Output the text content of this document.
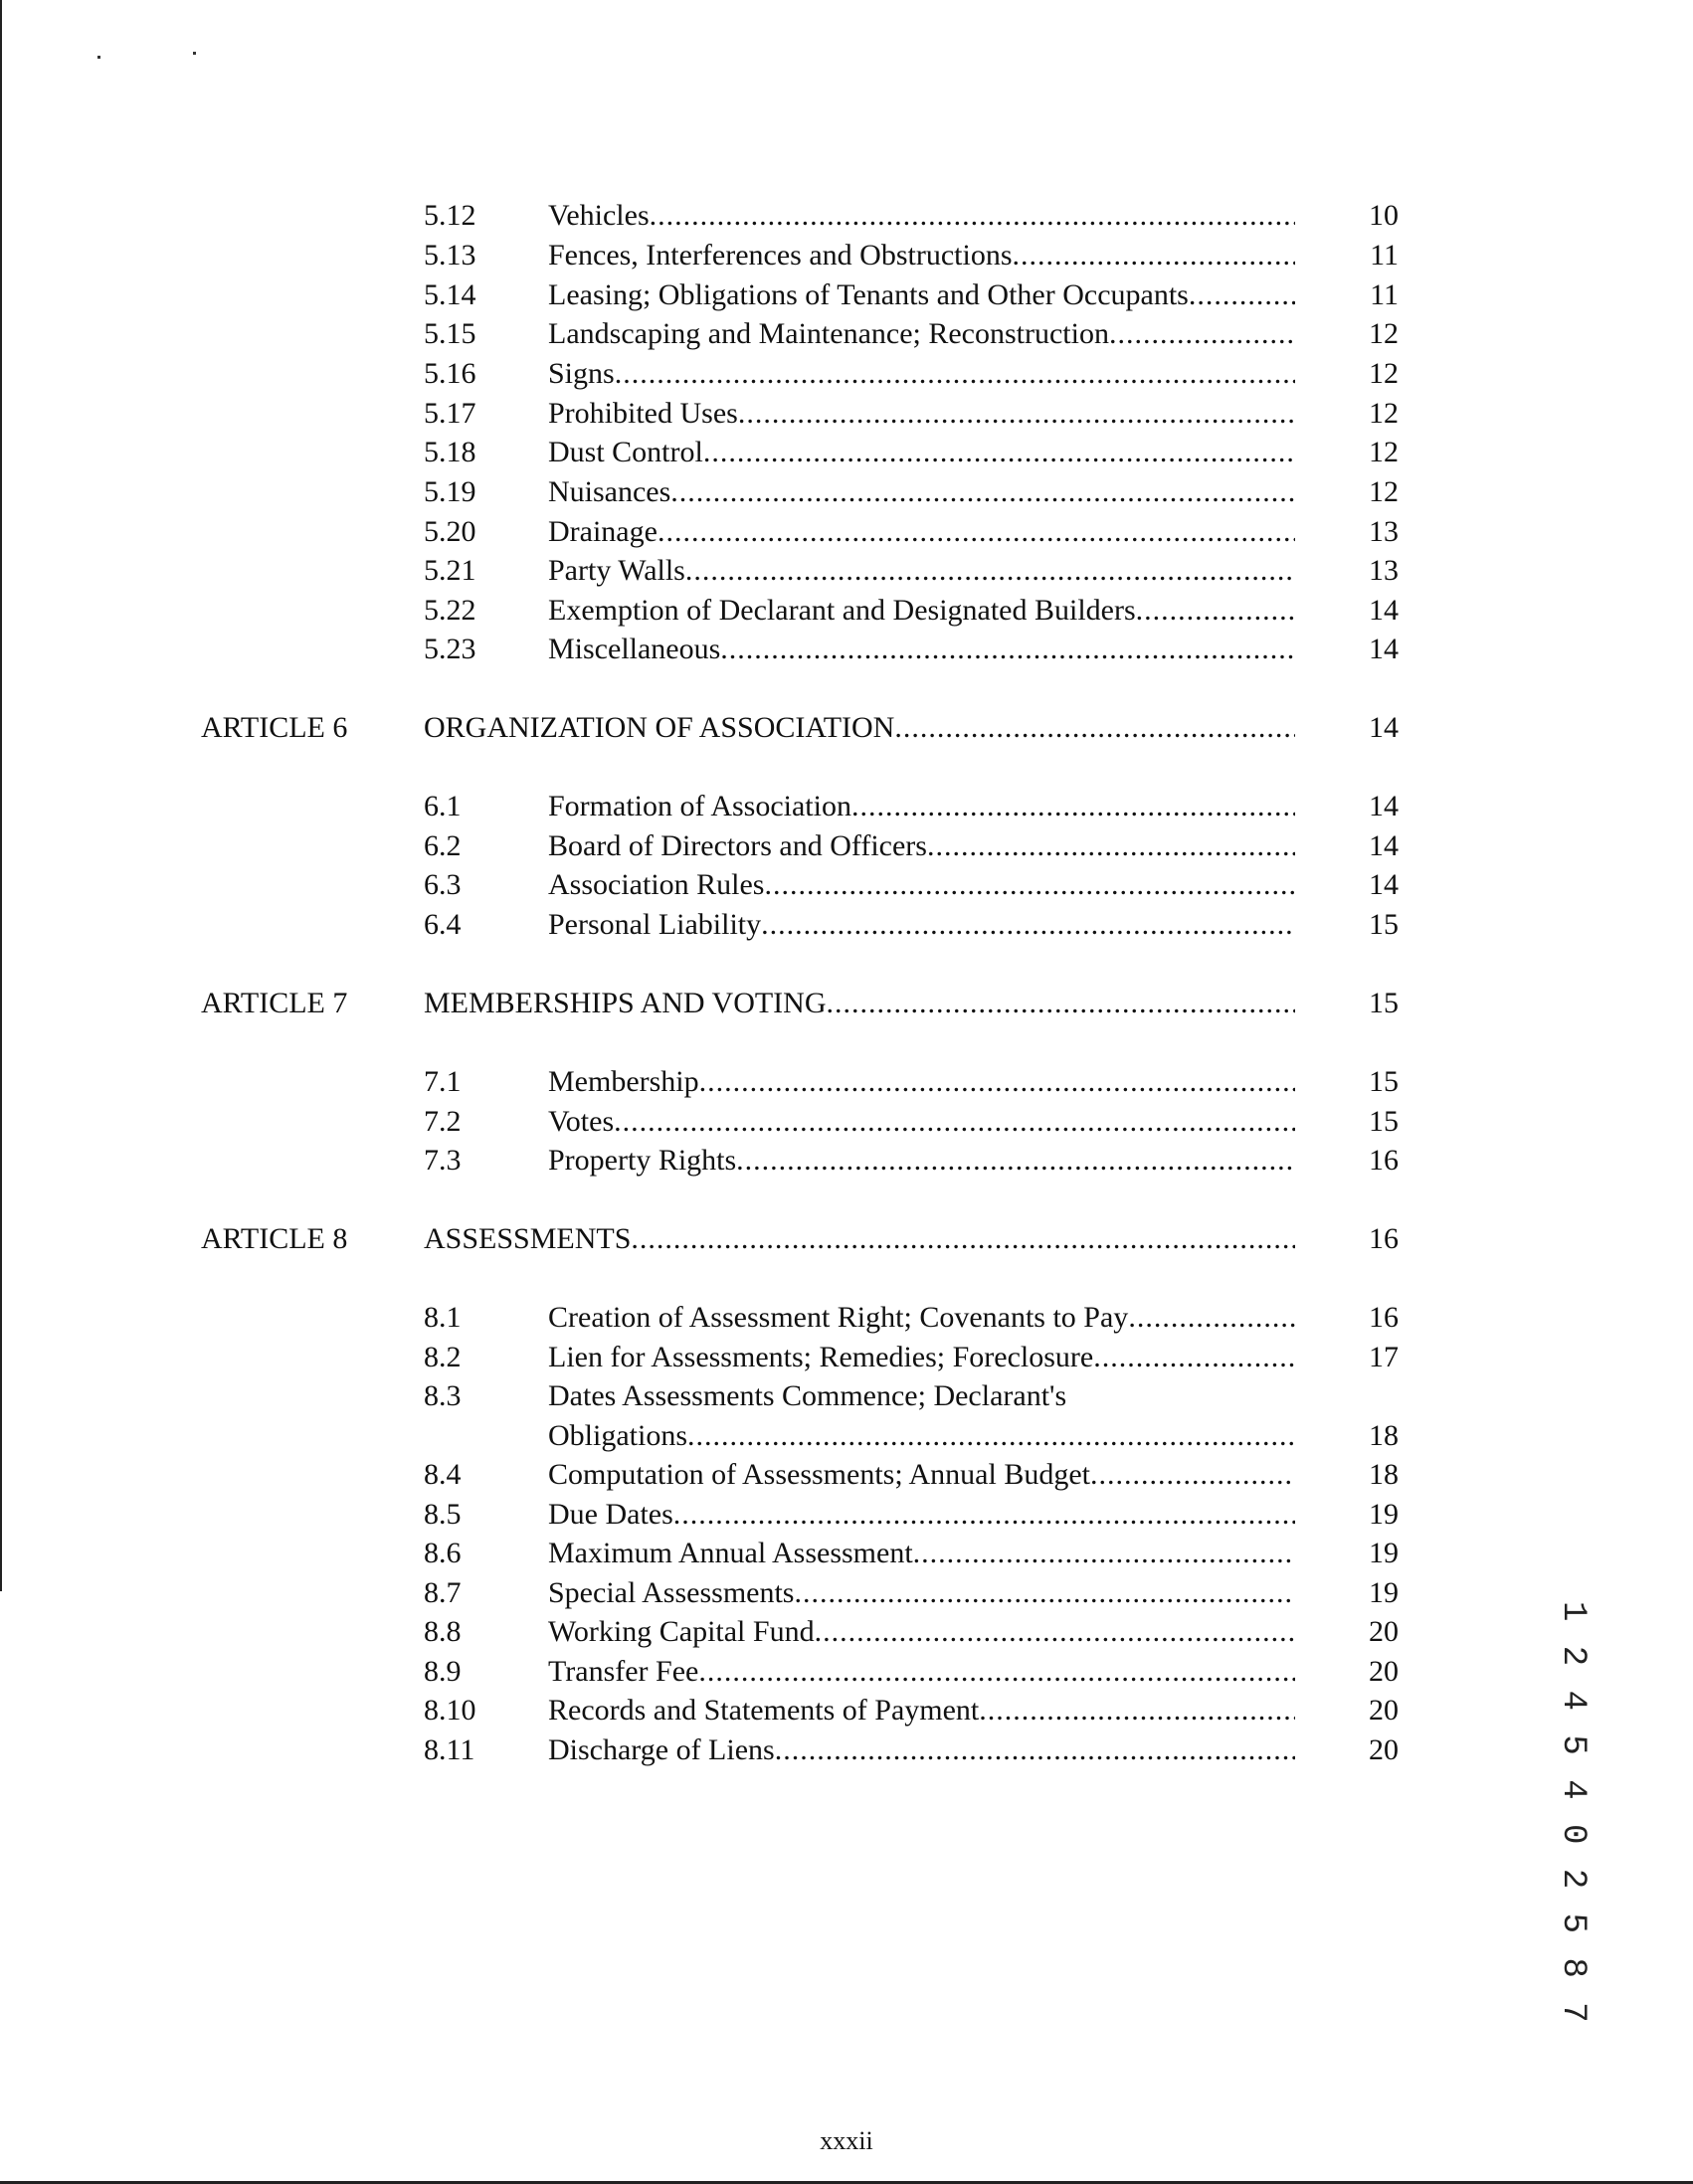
5.12 Vehicles .....	10
5.13 Fences, Interferences and Obstructions .....	11
5.14 Leasing; Obligations of Tenants and Other Occupants .....	11
5.15 Landscaping and Maintenance; Reconstruction .....	12
5.16 Signs .....	12
5.17 Prohibited Uses .....	12
5.18 Dust Control .....	12
5.19 Nuisances .....	12
5.20 Drainage .....	13
5.21 Party Walls .....	13
5.22 Exemption of Declarant and Designated Builders .....	14
5.23 Miscellaneous .....	14
ARTICLE 6	ORGANIZATION OF ASSOCIATION .....	14
6.1	Formation of Association .....	14
6.2	Board of Directors and Officers .....	14
6.3	Association Rules .....	14
6.4	Personal Liability .....	15
ARTICLE 7	MEMBERSHIPS AND VOTING .....	15
7.1	Membership .....	15
7.2	Votes .....	15
7.3	Property Rights .....	16
ARTICLE 8	ASSESSMENTS .....	16
8.1	Creation of Assessment Right; Covenants to Pay .....	16
8.2	Lien for Assessments; Remedies; Foreclosure .....	17
8.3	Dates Assessments Commence; Declarant's
Obligations .....	18
8.4	Computation of Assessments; Annual Budget .....	18
8.5	Due Dates .....	19
8.6	Maximum Annual Assessment .....	19
8.7	Special Assessments .....	19
8.8	Working Capital Fund .....	20
8.9	Transfer Fee .....	20
8.10 Records and Statements of Payment .....	20
8.11 Discharge of Liens .....	20
xxxii
1 2 4 5 4 0 2 5 8 7
